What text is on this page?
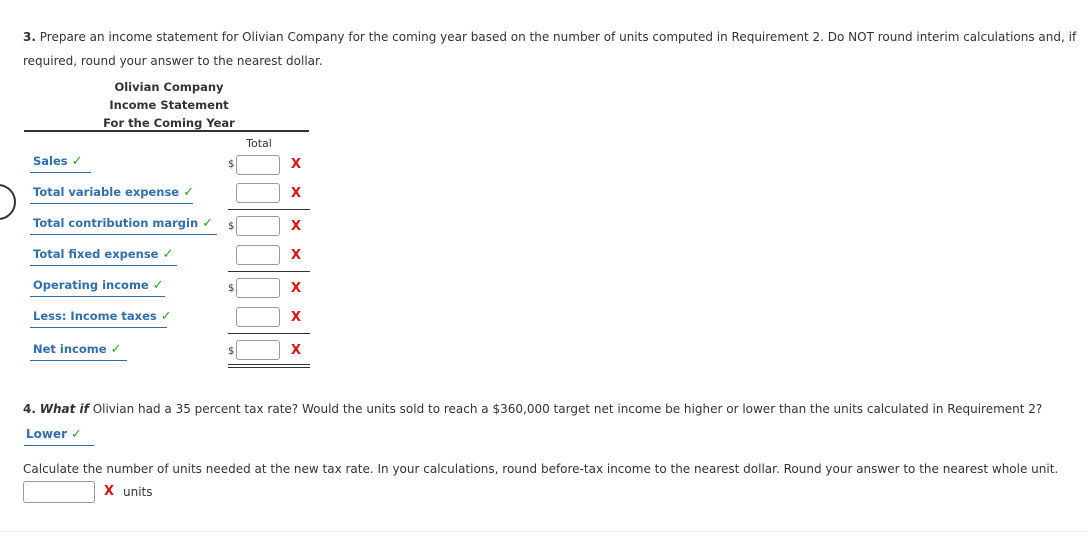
3. Prepare an income statement for Olivian Company for the coming year based on the number of units computed in Requirement 2. Do NOT round interim calculations and, if required, round your answer to the nearest dollar.
Olivian Company
Income Statement
For the Coming Year
Total
Sales ✓	$	X
Total variable expense ✓	X
Total contribution margin ✓	$	X
Total fixed expense ✓	X
Operating income ✓	$	X
Less: Income taxes ✓	X
Net income ✓	$	X
4. What if Olivian had a 35 percent tax rate? Would the units sold to reach a $360,000 target net income be higher or lower than the units calculated in Requirement 2?
Lower ✓
Calculate the number of units needed at the new tax rate. In your calculations, round before-tax income to the nearest dollar. Round your answer to the nearest whole unit.
X units
